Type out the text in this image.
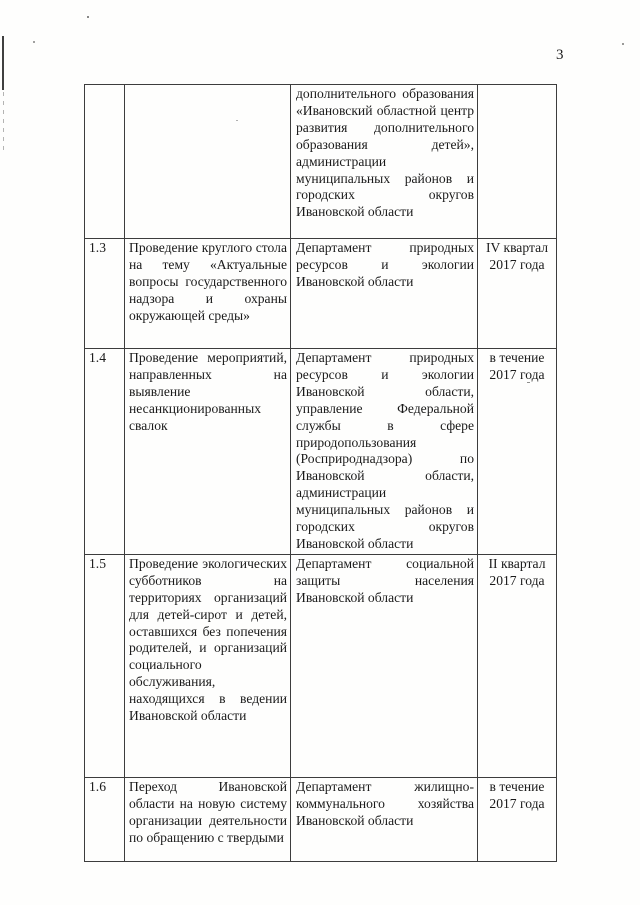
3
		дополнительного образования «Ивановский областной центр развития дополнительного образования детей», администрации муниципальных районов и городских округов Ивановской области	
1.3	Проведение круглого стола на тему «Актуальные вопросы государственного надзора и охраны окружающей среды»	Департамент природных ресурсов и экологии Ивановской области	IV квартал 2017 года
1.4	Проведение мероприятий, направленных на выявление несанкционированных свалок	Департамент природных ресурсов и экологии Ивановской области, управление Федеральной службы в сфере природопользования (Росприроднадзора) по Ивановской области, администрации муниципальных районов и городских округов Ивановской области	в течение 2017 года
1.5	Проведение экологических субботников на территориях организаций для детей-сирот и детей, оставшихся без попечения родителей, и организаций социального обслуживания, находящихся в ведении Ивановской области	Департамент социальной защиты населения Ивановской области	II квартал 2017 года
1.6	Переход Ивановской области на новую систему организации деятельности по обращению с твердыми	Департамент жилищно-коммунального хозяйства Ивановской области	в течение 2017 года
